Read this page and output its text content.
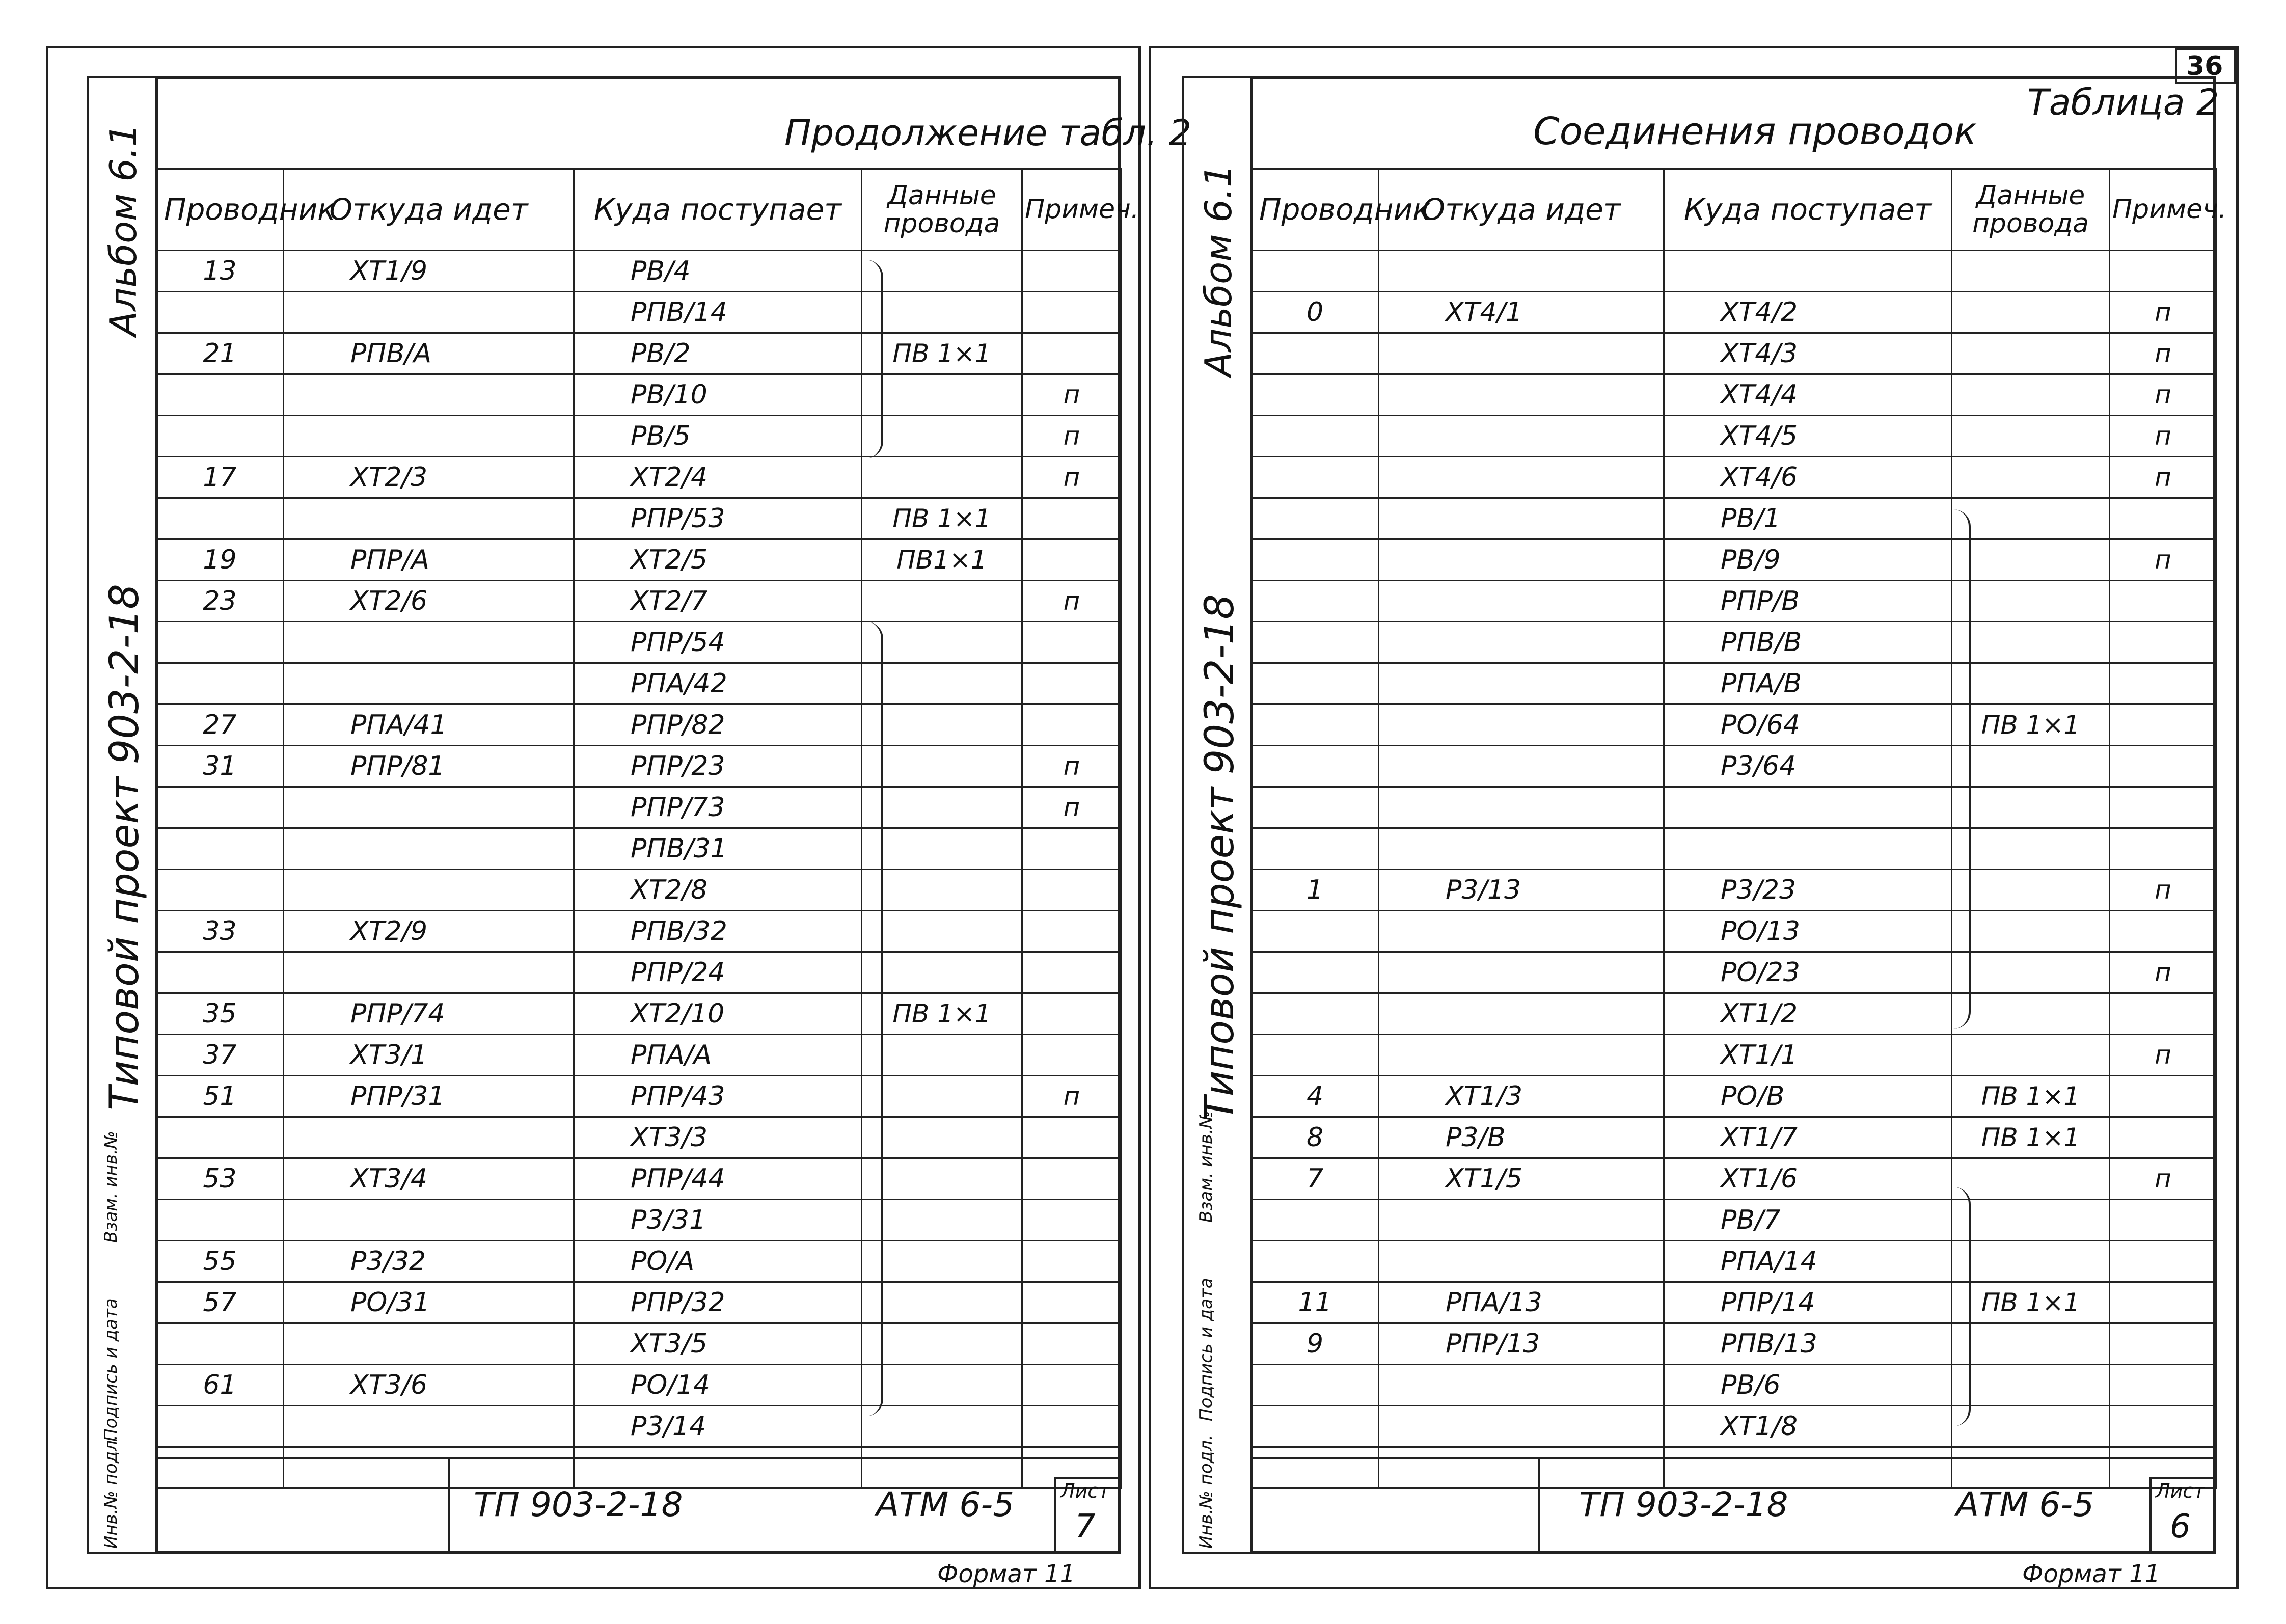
36
Альбом 6.1
Типовой проект 903-2-18
Взам. инв.№
Подпись и дата
Инв.№ подл.
Продолжение табл. 2
Проводник	Откуда идет	Куда поступает	Данные провода	Примеч.
13	ХТ1/9	РВ/4		
		РПВ/14		
21	РПВ/А	РВ/2	ПВ 1×1	
		РВ/10		п
		РВ/5		п
17	ХТ2/3	ХТ2/4		п
		РПР/53	ПВ 1×1	
19	РПР/А	ХТ2/5	ПВ1×1	
23	ХТ2/6	ХТ2/7		п
		РПР/54		
		РПА/42		
27	РПА/41	РПР/82		
31	РПР/81	РПР/23		п
		РПР/73		п
		РПВ/31		
		ХТ2/8		
33	ХТ2/9	РПВ/32		
		РПР/24		
35	РПР/74	ХТ2/10	ПВ 1×1	
37	ХТ3/1	РПА/А		
51	РПР/31	РПР/43		п
		ХТ3/3		
53	ХТ3/4	РПР/44		
		Р3/31		
55	Р3/32	РО/А		
57	РО/31	РПР/32		
		ХТ3/5		
61	ХТ3/6	РО/14		
		Р3/14		

ТП 903-2-18	АТМ 6-5 Лист
7
Формат 11
Альбом 6.1
Типовой проект 903-2-18
Взам. инв.№
Подпись и дата
Инв.№ подл.
Таблица 2
Соединения проводок
Проводник	Откуда идет	Куда поступает	Данные провода	Примеч.

0	ХТ4/1	ХТ4/2		п
		ХТ4/3		п
		ХТ4/4		п
		ХТ4/5		п
		ХТ4/6		п
		РВ/1		
		РВ/9		п
		РПР/В		
		РПВ/В		
		РПА/В		
		РО/64	ПВ 1×1	
		Р3/64		

1	Р3/13	Р3/23		п
		РО/13		
		РО/23		п
		ХТ1/2		
		ХТ1/1		п
4	ХТ1/3	РО/В	ПВ 1×1	
8	Р3/В	ХТ1/7	ПВ 1×1	
7	ХТ1/5	ХТ1/6		п
		РВ/7		
		РПА/14		
11	РПА/13	РПР/14	ПВ 1×1	
9	РПР/13	РПВ/13		
		РВ/6		
		ХТ1/8		

ТП 903-2-18	АТМ 6-5	Лист
6
Формат 11
